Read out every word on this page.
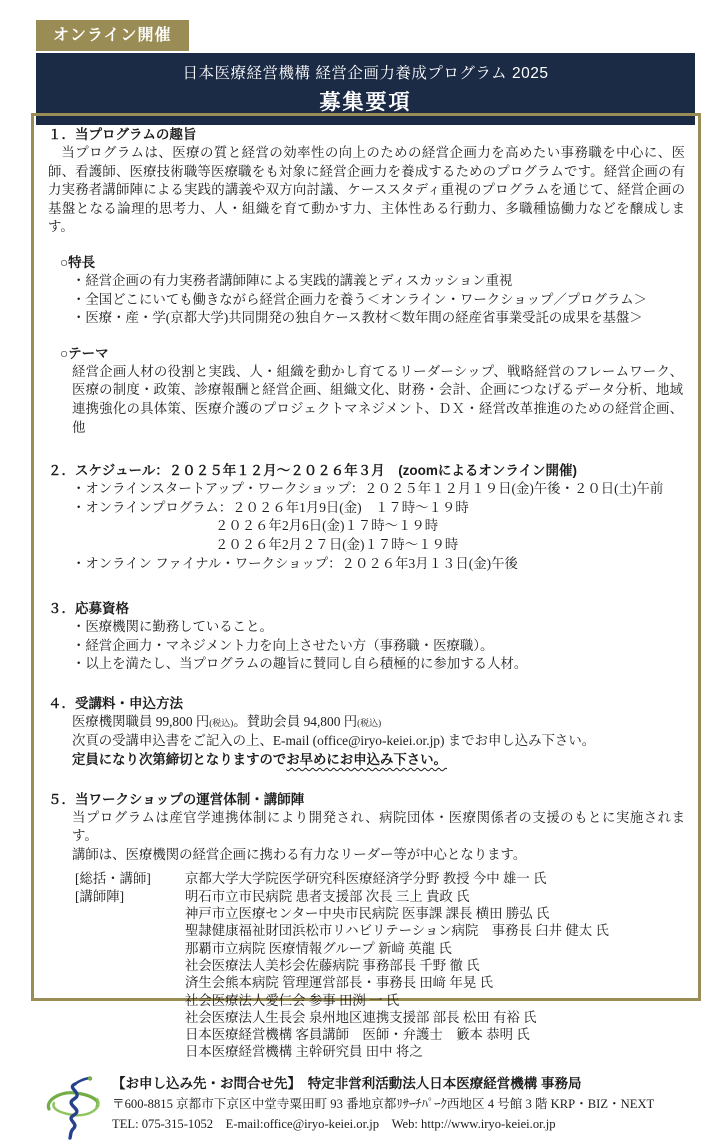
オンライン開催
日本医療経営機構 経営企画力養成プログラム 2025
募集要項
１．当プログラムの趣旨
当プログラムは、医療の質と経営の効率性の向上のための経営企画力を高めたい事務職を中心に、医師、看護師、医療技術職等医療職をも対象に経営企画力を養成するためのプログラムです。経営企画の有力実務者講師陣による実践的講義や双方向討議、ケーススタディ重視のプログラムを通じて、経営企画の基盤となる論理的思考力、人・組織を育て動かす力、主体性ある行動力、多職種協働力などを醸成します。
○特長
・経営企画の有力実務者講師陣による実践的講義とディスカッション重視
・全国どこにいても働きながら経営企画力を養う＜オンライン・ワークショップ／プログラム＞
・医療・産・学(京都大学)共同開発の独自ケース教材＜数年間の経産省事業受託の成果を基盤＞
○テーマ
経営企画人材の役割と実践、人・組織を動かし育てるリーダーシップ、戦略経営のフレームワーク、医療の制度・政策、診療報酬と経営企画、組織文化、財務・会計、企画につなげるデータ分析、地域連携強化の具体策、医療介護のプロジェクトマネジメント、ＤＸ・経営改革推進のための経営企画、他
２．スケジュール：２０２５年１２月～２０２６年３月　(zoomによるオンライン開催)
・オンラインスタートアップ・ワークショップ：２０２５年１２月１９日(金)午後・２０日(土)午前
・オンラインプログラム：２０２６年1月9日(金)　１７時～１９時
２０２６年2月6日(金)１７時～１９時
２０２６年2月２７日(金)１７時～１９時
・オンライン ファイナル・ワークショップ：２０２６年3月１３日(金)午後
３．応募資格
・医療機関に勤務していること。
・経営企画力・マネジメント力を向上させたい方（事務職・医療職）。
・以上を満たし、当プログラムの趣旨に賛同し自ら積極的に参加する人材。
４．受講料・申込方法
医療機関職員 99,800 円(税込)。賛助会員 94,800 円(税込)
次頁の受講申込書をご記入の上、E-mail (office@iryo-keiei.or.jp) までお申し込み下さい。
定員になり次第締切となりますのでお早めにお申込み下さい。
５．当ワークショップの運営体制・講師陣
当プログラムは産官学連携体制により開発され、病院団体・医療関係者の支援のもとに実施されます。
講師は、医療機関の経営企画に携わる有力なリーダー等が中心となります。
[総括・講師]	京都大学大学院医学研究科医療経済学分野 教授 今中 雄一 氏
[講師陣]	明石市立市民病院 患者支援部 次長 三上 貴政 氏
神戸市立医療センター中央市民病院 医事課 課長 横田 勝弘 氏
聖隷健康福祉財団浜松市リハビリテーション病院　事務長 臼井 健太 氏
那覇市立病院 医療情報グループ 新﨑 英龍 氏
社会医療法人美杉会佐藤病院 事務部長 千野 徹 氏
済生会熊本病院 管理運営部長・事務長 田﨑 年晃 氏
社会医療法人愛仁会 参事 田渕 一 氏
社会医療法人生長会 泉州地区連携支援部 部長 松田 有裕 氏
日本医療経営機構 客員講師　医師・弁護士　籔本 恭明 氏
日本医療経営機構 主幹研究員 田中 将之
【お申し込み先・お問合せ先】　特定非営利活動法人日本医療経営機構 事務局
〒600-8815 京都市下京区中堂寺粟田町 93 番地京都ﾘｻｰﾁﾊﾟｰｸ西地区 4 号館 3 階 KRP・BIZ・NEXT
TEL: 075-315-1052　E-mail:office@iryo-keiei.or.jp　Web: http://www.iryo-keiei.or.jp
